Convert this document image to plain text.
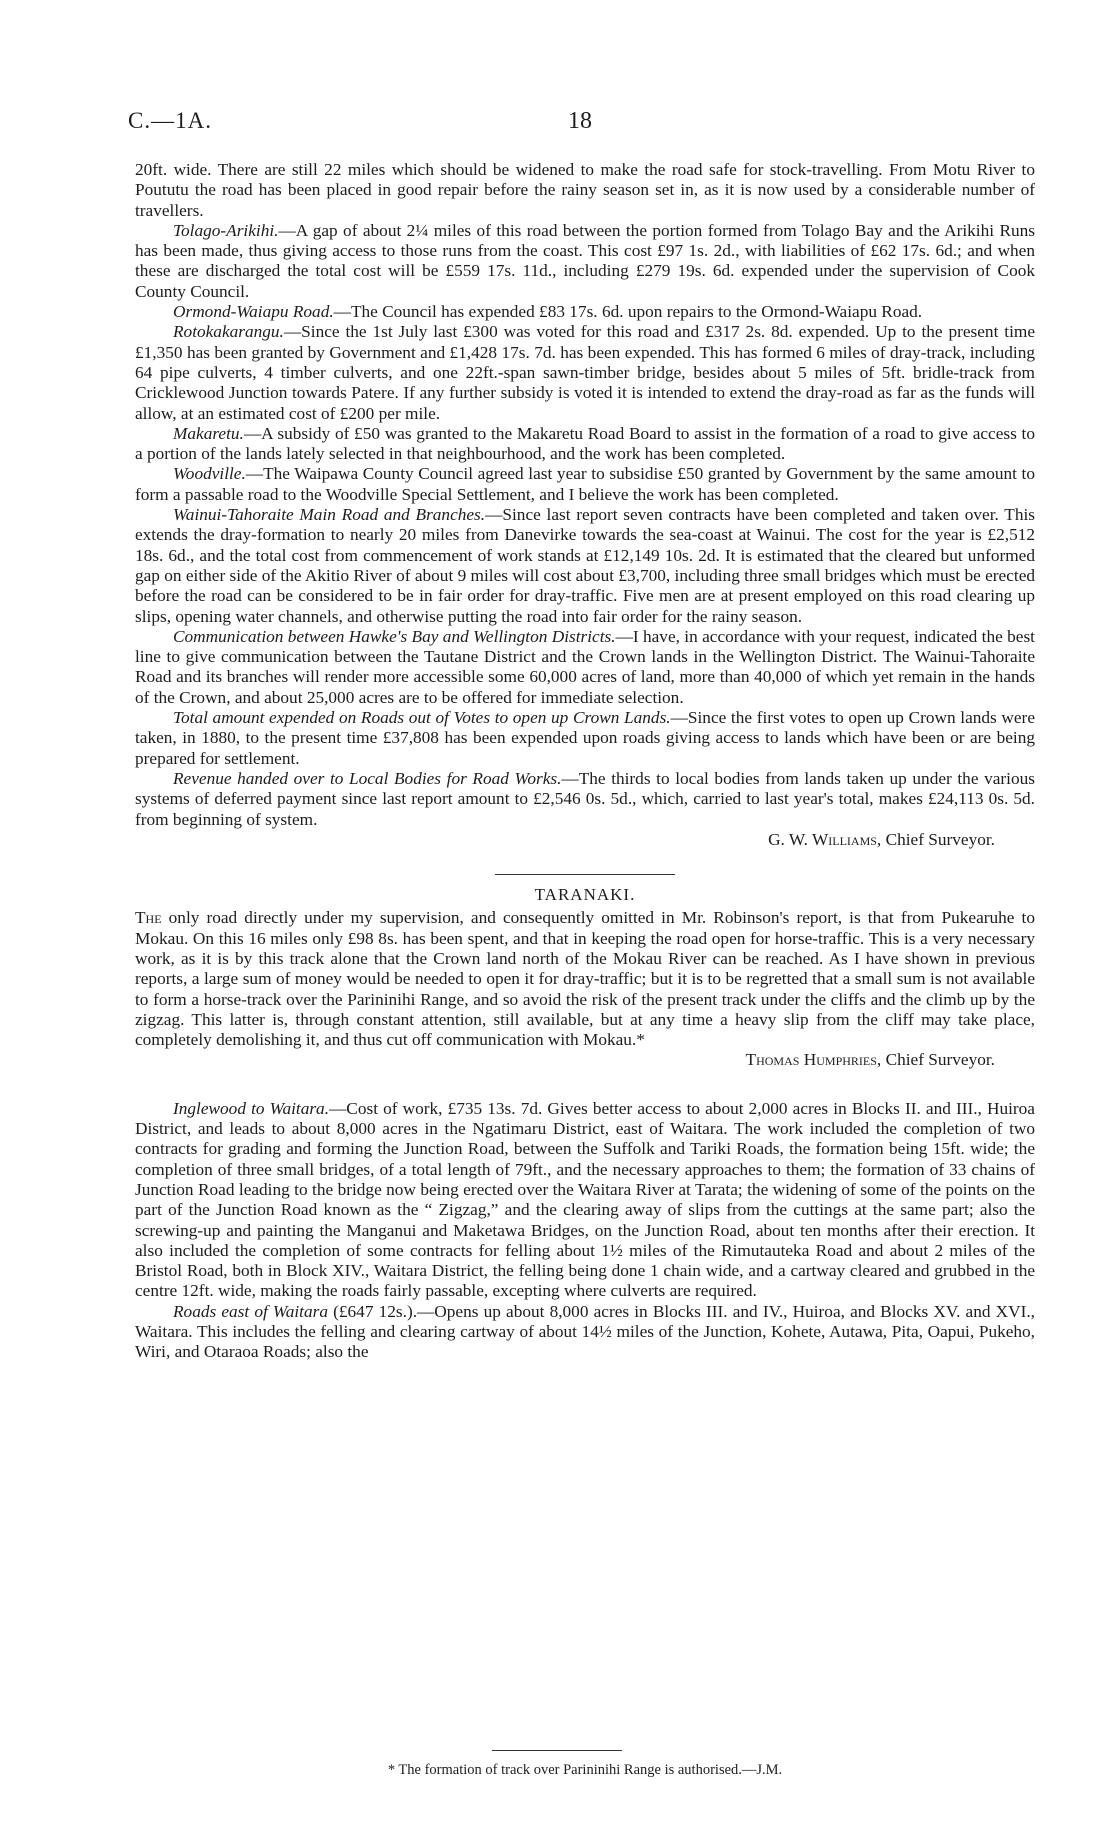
C.—1A.	18

20ft. wide. There are still 22 miles which should be widened to make the road safe for stock-travelling. From Motu River to Poututu the road has been placed in good repair before the rainy season set in, as it is now used by a considerable number of travellers.

Tolago-Arikihi.—A gap of about 2¼ miles of this road between the portion formed from Tolago Bay and the Arikihi Runs has been made, thus giving access to those runs from the coast. This cost £97 1s. 2d., with liabilities of £62 17s. 6d.; and when these are discharged the total cost will be £559 17s. 11d., including £279 19s. 6d. expended under the supervision of Cook County Council.

Ormond-Waiapu Road.—The Council has expended £83 17s. 6d. upon repairs to the Ormond-Waiapu Road.

Rotokakarangu.—Since the 1st July last £300 was voted for this road and £317 2s. 8d. expended. Up to the present time £1,350 has been granted by Government and £1,428 17s. 7d. has been expended. This has formed 6 miles of dray-track, including 64 pipe culverts, 4 timber culverts, and one 22ft.-span sawn-timber bridge, besides about 5 miles of 5ft. bridle-track from Cricklewood Junction towards Patere. If any further subsidy is voted it is intended to extend the dray-road as far as the funds will allow, at an estimated cost of £200 per mile.

Makaretu.—A subsidy of £50 was granted to the Makaretu Road Board to assist in the formation of a road to give access to a portion of the lands lately selected in that neighbourhood, and the work has been completed.

Woodville.—The Waipawa County Council agreed last year to subsidise £50 granted by Government by the same amount to form a passable road to the Woodville Special Settlement, and I believe the work has been completed.

Wainui-Tahoraite Main Road and Branches.—Since last report seven contracts have been completed and taken over. This extends the dray-formation to nearly 20 miles from Danevirke towards the sea-coast at Wainui. The cost for the year is £2,512 18s. 6d., and the total cost from commencement of work stands at £12,149 10s. 2d. It is estimated that the cleared but unformed gap on either side of the Akitio River of about 9 miles will cost about £3,700, including three small bridges which must be erected before the road can be considered to be in fair order for dray-traffic. Five men are at present employed on this road clearing up slips, opening water channels, and otherwise putting the road into fair order for the rainy season.

Communication between Hawke's Bay and Wellington Districts.—I have, in accordance with your request, indicated the best line to give communication between the Tautane District and the Crown lands in the Wellington District. The Wainui-Tahoraite Road and its branches will render more accessible some 60,000 acres of land, more than 40,000 of which yet remain in the hands of the Crown, and about 25,000 acres are to be offered for immediate selection.

Total amount expended on Roads out of Votes to open up Crown Lands.—Since the first votes to open up Crown lands were taken, in 1880, to the present time £37,808 has been expended upon roads giving access to lands which have been or are being prepared for settlement.

Revenue handed over to Local Bodies for Road Works.—The thirds to local bodies from lands taken up under the various systems of deferred payment since last report amount to £2,546 0s. 5d., which, carried to last year's total, makes £24,113 0s. 5d. from beginning of system.

G. W. Williams, Chief Surveyor.

TARANAKI.

The only road directly under my supervision, and consequently omitted in Mr. Robinson's report, is that from Pukearuhe to Mokau. On this 16 miles only £98 8s. has been spent, and that in keeping the road open for horse-traffic. This is a very necessary work, as it is by this track alone that the Crown land north of the Mokau River can be reached. As I have shown in previous reports, a large sum of money would be needed to open it for dray-traffic; but it is to be regretted that a small sum is not available to form a horse-track over the Parininihi Range, and so avoid the risk of the present track under the cliffs and the climb up by the zigzag. This latter is, through constant attention, still available, but at any time a heavy slip from the cliff may take place, completely demolishing it, and thus cut off communication with Mokau.*

Thomas Humphries, Chief Surveyor.

Inglewood to Waitara.—Cost of work, £735 13s. 7d. Gives better access to about 2,000 acres in Blocks II. and III., Huiroa District, and leads to about 8,000 acres in the Ngatimaru District, east of Waitara. The work included the completion of two contracts for grading and forming the Junction Road, between the Suffolk and Tariki Roads, the formation being 15ft. wide; the completion of three small bridges, of a total length of 79ft., and the necessary approaches to them; the formation of 33 chains of Junction Road leading to the bridge now being erected over the Waitara River at Tarata; the widening of some of the points on the part of the Junction Road known as the “ Zigzag,” and the clearing away of slips from the cuttings at the same part; also the screwing-up and painting the Manganui and Maketawa Bridges, on the Junction Road, about ten months after their erection. It also included the completion of some contracts for felling about 1½ miles of the Rimutauteka Road and about 2 miles of the Bristol Road, both in Block XIV., Waitara District, the felling being done 1 chain wide, and a cartway cleared and grubbed in the centre 12ft. wide, making the roads fairly passable, excepting where culverts are required.

Roads east of Waitara (£647 12s.).—Opens up about 8,000 acres in Blocks III. and IV., Huiroa, and Blocks XV. and XVI., Waitara. This includes the felling and clearing cartway of about 14½ miles of the Junction, Kohete, Autawa, Pita, Oapui, Pukeho, Wiri, and Otaraoa Roads; also the

* The formation of track over Parininihi Range is authorised.—J.M.
